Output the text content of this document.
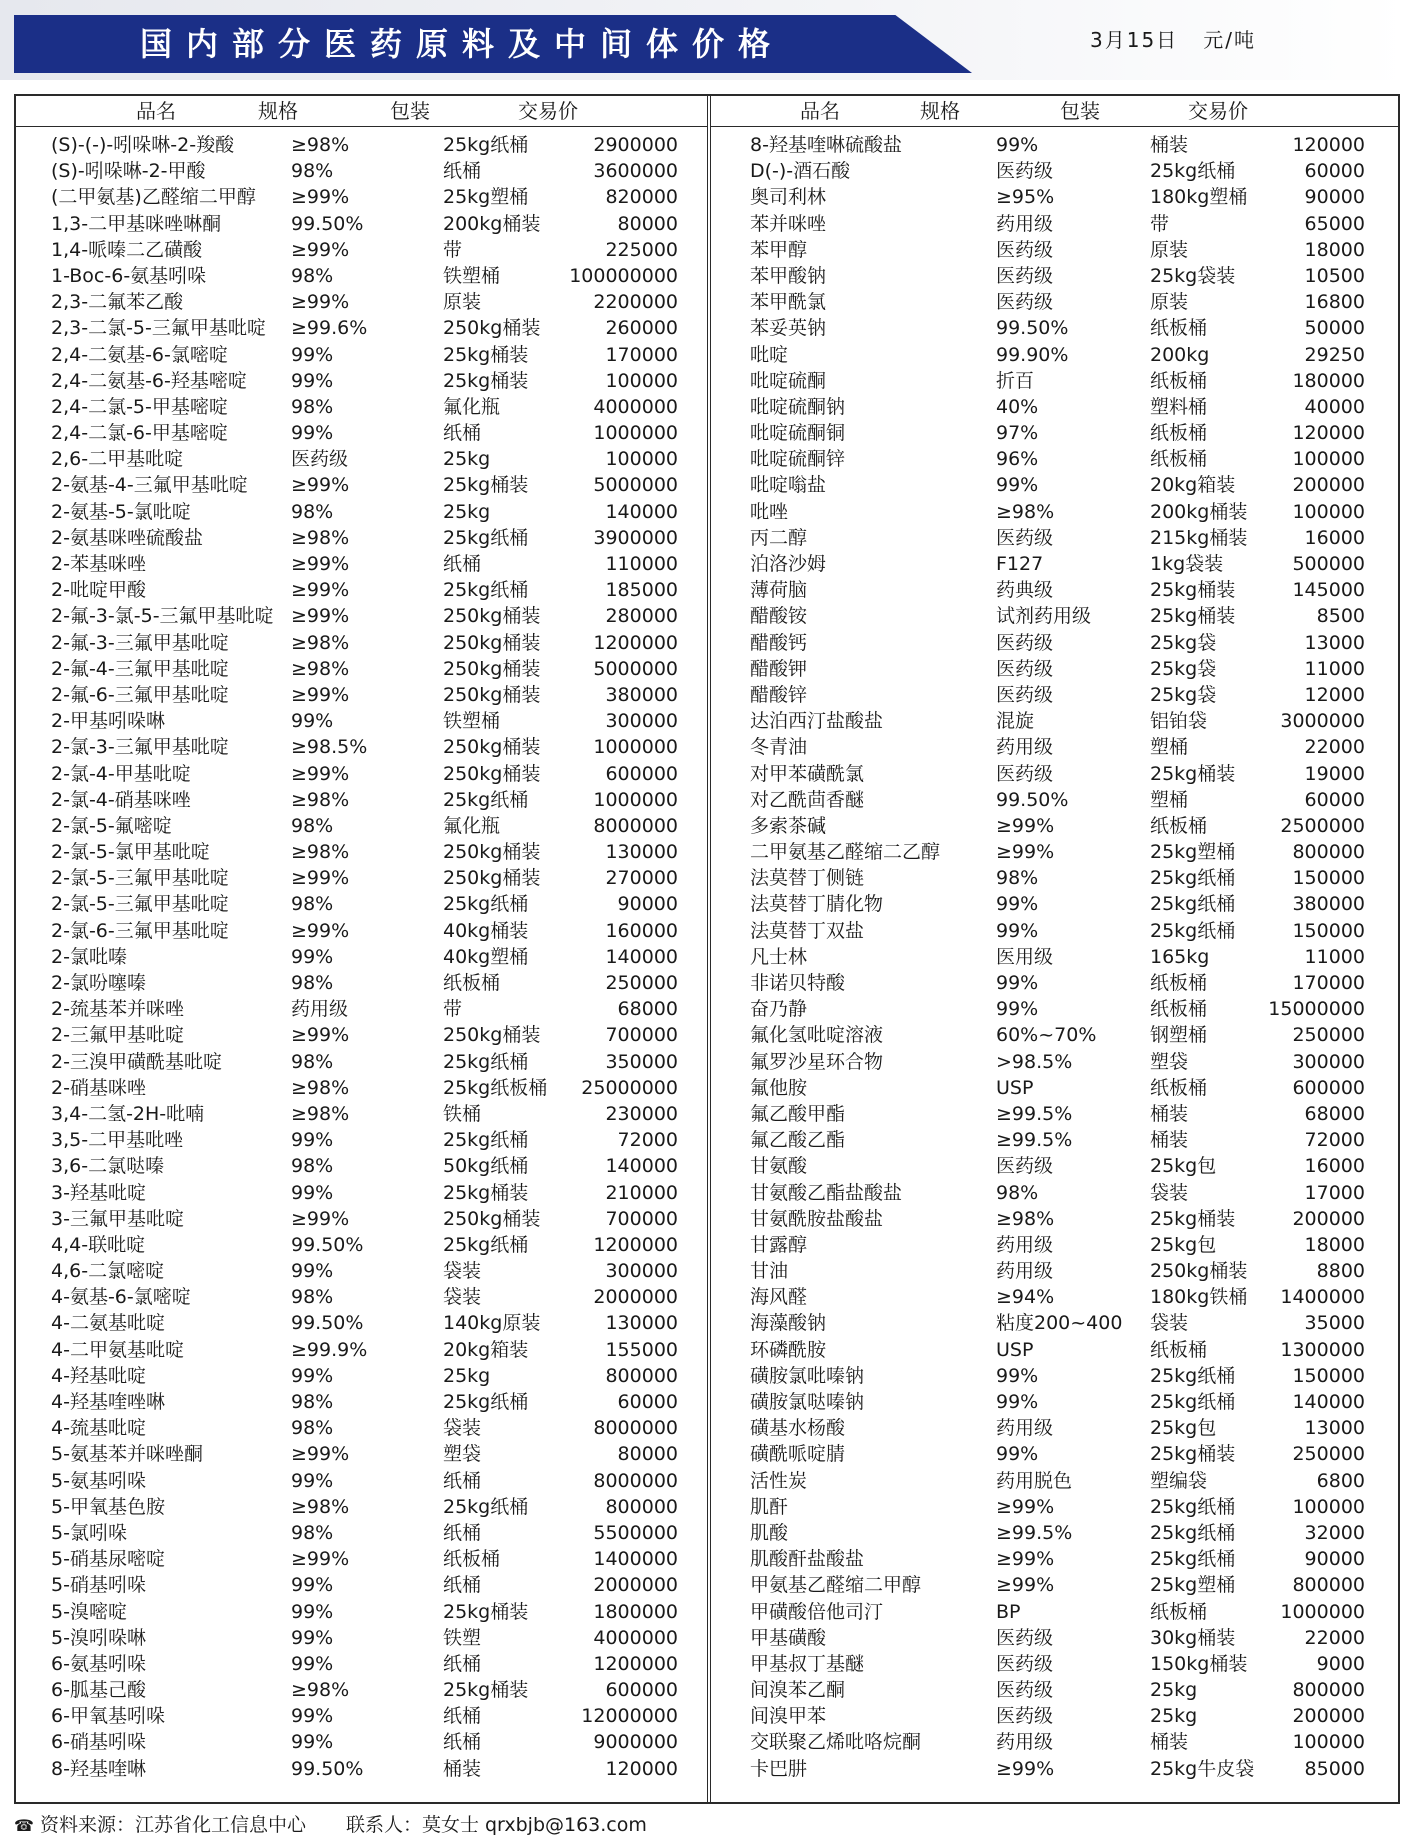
国内部分医药原料及中间体价格	3月15日 元/吨
品名	规格	包装	交易价
(S)-(-)-吲哚啉-2-羧酸	≥98%	25kg纸桶	2900000
(S)-吲哚啉-2-甲酸	98%	纸桶	3600000
(二甲氨基)乙醛缩二甲醇 ≥99%	25kg塑桶	820000
1,3-二甲基咪唑啉酮	99.50%	200kg桶装	80000
1,4-哌嗪二乙磺酸	≥99%	带	225000
1-Boc-6-氨基吲哚	98%	铁塑桶	100000000
2,3-二氟苯乙酸	≥99%	原装	2200000
2,3-二氯-5-三氟甲基吡啶 ≥99.6%	250kg桶装	260000
2,4-二氨基-6-氯嘧啶	99%	25kg桶装	170000
2,4-二氨基-6-羟基嘧啶 99%	25kg桶装	100000
2,4-二氯-5-甲基嘧啶	98%	氟化瓶	4000000
2,4-二氯-6-甲基嘧啶	99%	纸桶	1000000
2,6-二甲基吡啶	医药级	25kg	100000
2-氨基-4-三氟甲基吡啶 ≥99%	25kg桶装	5000000
2-氨基-5-氯吡啶	98%	25kg	140000
2-氨基咪唑硫酸盐	≥98%	25kg纸桶	3900000
2-苯基咪唑	≥99%	纸桶	110000
2-吡啶甲酸	≥99%	25kg纸桶	185000
2-氟-3-氯-5-三氟甲基吡啶 ≥99%	250kg桶装	280000
2-氟-3-三氟甲基吡啶	≥98%	250kg桶装	1200000
2-氟-4-三氟甲基吡啶	≥98%	250kg桶装	5000000
2-氟-6-三氟甲基吡啶	≥99%	250kg桶装	380000
2-甲基吲哚啉	99%	铁塑桶	300000
2-氯-3-三氟甲基吡啶	≥98.5%	250kg桶装	1000000
2-氯-4-甲基吡啶	≥99%	250kg桶装	600000
2-氯-4-硝基咪唑	≥98%	25kg纸桶	1000000
2-氯-5-氟嘧啶	98%	氟化瓶	8000000
2-氯-5-氯甲基吡啶	≥98%	250kg桶装	130000
2-氯-5-三氟甲基吡啶	≥99%	250kg桶装	270000
2-氯-5-三氟甲基吡啶	98%	25kg纸桶	90000
2-氯-6-三氟甲基吡啶	≥99%	40kg桶装	160000
2-氯吡嗪	99%	40kg塑桶	140000
2-氯吩噻嗪	98%	纸板桶	250000
2-巯基苯并咪唑	药用级	带	68000
2-三氟甲基吡啶	≥99%	250kg桶装	700000
2-三溴甲磺酰基吡啶	98%	25kg纸桶	350000
2-硝基咪唑	≥98%	25kg纸板桶 25000000
3,4-二氢-2H-吡喃	≥98%	铁桶	230000
3,5-二甲基吡唑	99%	25kg纸桶	72000
3,6-二氯哒嗪	98%	50kg纸桶	140000
3-羟基吡啶	99%	25kg桶装	210000
3-三氟甲基吡啶	≥99%	250kg桶装	700000
4,4-联吡啶	99.50%	25kg纸桶	1200000
4,6-二氯嘧啶	99%	袋装	300000
4-氨基-6-氯嘧啶	98%	袋装	2000000
4-二氨基吡啶	99.50%	140kg原装	130000
4-二甲氨基吡啶	≥99.9%	20kg箱装	155000
4-羟基吡啶	99%	25kg	800000
4-羟基喹唑啉	98%	25kg纸桶	60000
4-巯基吡啶	98%	袋装	8000000
5-氨基苯并咪唑酮	≥99%	塑袋	80000
5-氨基吲哚	99%	纸桶	8000000
5-甲氧基色胺	≥98%	25kg纸桶	800000
5-氯吲哚	98%	纸桶	5500000
5-硝基尿嘧啶	≥99%	纸板桶	1400000
5-硝基吲哚	99%	纸桶	2000000
5-溴嘧啶	99%	25kg桶装	1800000
5-溴吲哚啉	99%	铁塑	4000000
6-氨基吲哚	99%	纸桶	1200000
6-胍基己酸	≥98%	25kg桶装	600000
6-甲氧基吲哚	99%	纸桶	12000000
6-硝基吲哚	99%	纸桶	9000000
8-羟基喹啉	99.50%	桶装	120000
品名	规格	包装	交易价
8-羟基喹啉硫酸盐	99%	桶装	120000
D(-)-酒石酸	医药级	25kg纸桶	60000
奥司利林	≥95%	180kg塑桶	90000
苯并咪唑	药用级	带	65000
苯甲醇	医药级	原装	18000
苯甲酸钠	医药级	25kg袋装	10500
苯甲酰氯	医药级	原装	16800
苯妥英钠	99.50%	纸板桶	50000
吡啶	99.90%	200kg	29250
吡啶硫酮	折百	纸板桶	180000
吡啶硫酮钠	40%	塑料桶	40000
吡啶硫酮铜	97%	纸板桶	120000
吡啶硫酮锌	96%	纸板桶	100000
吡啶嗡盐	99%	20kg箱装	200000
吡唑	≥98%	200kg桶装 100000
丙二醇	医药级	215kg桶装	16000
泊洛沙姆	F127	1kg袋装	500000
薄荷脑	药典级	25kg桶装	145000
醋酸铵	试剂药用级	25kg桶装	8500
醋酸钙	医药级	25kg袋	13000
醋酸钾	医药级	25kg袋	11000
醋酸锌	医药级	25kg袋	12000
达泊西汀盐酸盐	混旋	铝铂袋	3000000
冬青油	药用级	塑桶	22000
对甲苯磺酰氯	医药级	25kg桶装	19000
对乙酰茴香醚	99.50%	塑桶	60000
多索茶碱	≥99%	纸板桶	2500000
二甲氨基乙醛缩二乙醇	≥99%	25kg塑桶	800000
法莫替丁侧链	98%	25kg纸桶	150000
法莫替丁腈化物	99%	25kg纸桶	380000
法莫替丁双盐	99%	25kg纸桶	150000
凡士林	医用级	165kg	11000
非诺贝特酸	99%	纸板桶	170000
奋乃静	99%	纸板桶	15000000
氟化氢吡啶溶液	60%~70%	钢塑桶	250000
氟罗沙星环合物	>98.5%	塑袋	300000
氟他胺	USP	纸板桶	600000
氟乙酸甲酯	≥99.5%	桶装	68000
氟乙酸乙酯	≥99.5%	桶装	72000
甘氨酸	医药级	25kg包	16000
甘氨酸乙酯盐酸盐	98%	袋装	17000
甘氨酰胺盐酸盐	≥98%	25kg桶装	200000
甘露醇	药用级	25kg包	18000
甘油	药用级	250kg桶装	8800
海风醛	≥94%	180kg铁桶 1400000
海藻酸钠	粘度200~400 袋装	35000
环磷酰胺	USP	纸板桶	1300000
磺胺氯吡嗪钠	99%	25kg纸桶	150000
磺胺氯哒嗪钠	99%	25kg纸桶	140000
磺基水杨酸	药用级	25kg包	13000
磺酰哌啶腈	99%	25kg桶装	250000
活性炭	药用脱色	塑编袋	6800
肌酐	≥99%	25kg纸桶	100000
肌酸	≥99.5%	25kg纸桶	32000
肌酸酐盐酸盐	≥99%	25kg纸桶	90000
甲氨基乙醛缩二甲醇	≥99%	25kg塑桶	800000
甲磺酸倍他司汀	BP	纸板桶	1000000
甲基磺酸	医药级	30kg桶装	22000
甲基叔丁基醚	医药级	150kg桶装	9000
间溴苯乙酮	医药级	25kg	800000
间溴甲苯	医药级	25kg	200000
交联聚乙烯吡咯烷酮	药用级	桶装	100000
卡巴肼	≥99%	25kg牛皮袋	85000
☎ 资料来源：江苏省化工信息中心 联系人：莫女士 qrxbjb@163.com
